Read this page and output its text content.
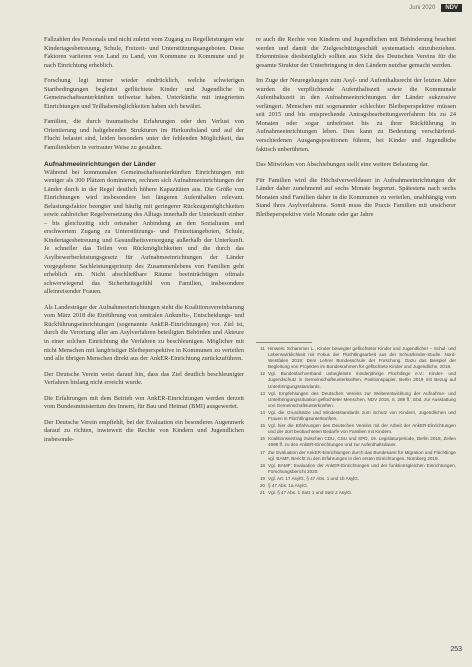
Juni 2020	NDV

Fallzahlen des Personals und nicht zuletzt vom Zugang zu Regelleistungen wie Kindertagesbetreuung, Schule, Freizeit- und Unterstützungsangeboten. Diese Faktoren variieren von Land zu Land, von Kommune zu Kommune und je nach Einrichtung erheblich.

Forschung legt immer wieder eindrücklich, welche schwierigen Startbedingungen begleitet geflüchtete Kinder und Jugendliche in Gemeinschaftsunterkünften teilweise haben. Unterkünfte mit integrierten Einrichtungen und Teilhabemöglichkeiten haben sich bewährt.

Familien, die durch traumatische Erfahrungen oder den Verlust von Orientierung und haltgebenden Strukturen im Herkunftsland und auf der Flucht belastet sind, leiden besonders unter der fehlenden Möglichkeit, das Familienleben in vertrauter Weise zu gestalten.

Aufnahmeeinrichtungen der Länder

Während bei kommunalen Gemeinschaftsunterkünften Einrichtungen mit weniger als 300 Plätzen dominieren, rechnen sich Aufnahmeeinrichtungen der Länder durch in der Regel deutlich höhere Kapazitäten aus. Die Größe von Einrichtungen wird insbesondere bei längeren Aufenthalten relevant. Belastungsfaktor beengter und häufig mit geringerer Rückzugsmöglichkeiten sowie zahlreicher Regelversetzung des Alltags innerhalb der Unterkunft einher – bis gleichzeitig sich ortsnaher Anbindung an den Sozialraum und erschwertem Zugang zu Unterstützungs- und Freizeitangeboten, Schule, Kindertagesbetreuung und Gesundheitsversorgung außerhalb der Unterkunft. Je schneller das Teilen von Rückmöglichkeiten und die durch das Asylbewerberleistungsgesetz für Aufnahmeeinrichtungen der Länder vorgegebene Sachleistungsprinzip des Zusammenlebens von Familien geht erheblich ein. Nicht abschließbare Räume beeinträchtigen oftmals schwerwiegend das Sicherheitsgefühl von Familien, insbesondere alleinreisender Frauen.

Als Landesträger der Aufnahmeeinrichtungen sieht die Koalitionsvereinbarung vom März 2018 die Einführung von zentralen Ankunfts-, Entscheidungs- und Rückführungseinrichtungen (sogenannte AnkER-Einrichtungen) vor. Ziel ist, durch die Verortung aller am Asylverfahren beteiligten Behörden und Akteure in einer solchen Einrichtung die Verfahren zu beschleunigen. Möglicher mit nicht Menschen mit langfristiger Bleibeperspektive in Kommunen zu verteilen und alle übrigen Menschen direkt aus der AnkER-Einrichtung zurückzuführen.

Der Deutsche Verein weist darauf hin, dass das Ziel deutlich beschleunigter Verfahren bislang nicht erreicht wurde.

Die Erfahrungen mit dem Betrieb von AnkER-Einrichtungen werden derzeit vom Bundesministerium des Innern, für Bau und Heimat (BMI) ausgewertet.

Der Deutsche Verein empfiehlt, bei der Evaluation ein besonderes Augenmerk darauf zu richten, inwieweit die Rechte von Kindern und Jugendlichen insbesonde-

re auch die Rechte von Kindern und Jugendlichen mit Behinderung beachtet werden und damit die Zielgeschütztgeschäft systematisch einzubeziehen. Erkenntnisse diesbezüglich sollten aus Sicht des Deutschen Vereins für die gesamte Struktur der Unterbringung in den Ländern nutzbar gemacht werden.

Im Zuge der Neuregelungen zum Asyl- und Aufenthaltsrecht der letzten Jahre wurden die verpflichtende Aufenthaltszeit sowie die Kommunale Aufenthaltszeit in den Aufnahmeeinrichtungen der Länder sukzessive verlängert. Menschen mit sogenannter schlechter Bleibeperspektive müssen seit 2015 und bis entsprechende Antragsbearbeitungsverfahren bis zu 24 Monaten oder sogar unbefristet bis zu ihrer Rückführung in Aufnahmeeinrichtungen leben. Dies kann zu Bedeutung verschärfend-verschiedenen Ausgangspositionen führen, bei Kinder und Jugendliche faktisch unberührten.

Das Mitwirken von Abschiebungen stellt eine weitere Belastung dar.

Für Familien wird die Höchstverweildauer in Aufnahmeeinrichtungen der Länder daher zunehmend auf sechs Monate begrenzt. Spätestens nach sechs Monaten sind Familien daher in die Kommunen zu verteilen, unabhängig vom Stand ihres Asylverfahrens. Somit muss die Praxis Familien mit unsicherer Bleibeperspektive viele Monate oder gar Jahre

11 Hinweis: Schammer L., Kinder bewegter geflüchteter Kinder und Jugendlicher – Schul- und Lebenswirklichkeit mit Fokus der Flüchtlingsarbeit aus der Schutzkinder-Studie. Nord-Westfalen 2019; Dem Lehrer Bundesschule der Forschung. Dazu das Beispiel der Begleitung von Projekten im Bundesrahmen für geflüchtete Kinder und Jugendliche, 2018.
12 Vgl. Bundesfachverband unbegleitete minderjährige Flüchtlinge e.V.: Kinder- und Jugendschutz in Gemeinschaftsunterkünften, Positionspapier, Berlin 2019 mit Bezug auf Unterbringungsstandards.
13 Vgl. Empfehlungen des Deutschen Vereins zur Weiterentwicklung der Aufnahme- und Unterbringungssituation geflüchteter Menschen, NDV 2016, S. 289 ff.; Ebd. zur Ausstattung von Gemeinschaftsunterkünften.
14 Vgl. die Grundsätze und Mindeststandards zum Schutz von Kindern, Jugendlichen und Frauen in Flüchtlingsunterkünften.
15 Vgl. hier die Erfahrungen des Deutschen Vereins mit der Arbeit der AnkER-Einrichtungen und der dort beobachteten Bedarfe von Familien mit Kindern.
16 Koalitionsvertrag zwischen CDU, CSU und SPD, 19. Legislaturperiode, Berlin 2018, Zeilen 4998 ff. zu den AnkER-Einrichtungen und zur Aufenthaltsdauer.
17 Zur Evaluation der AnkER-Einrichtungen durch das Bundesamt für Migration und Flüchtlinge vgl. BAMF, Bericht zu den Erfahrungen in den ersten Einrichtungen, Nürnberg 2019.
18 Vgl. BAMF: Evaluation der AnkER-Einrichtungen und der funktionsgleichen Einrichtungen, Forschungsbericht 2020.
19 Vgl. Art. 17 AsylG, § 47 Abs. 1 und 1b AsylG.
20 § 47 Abs. 1a AsylG.
21 Vgl. § 47 Abs. 1 Satz 1 und Satz 2 AsylG.
253
